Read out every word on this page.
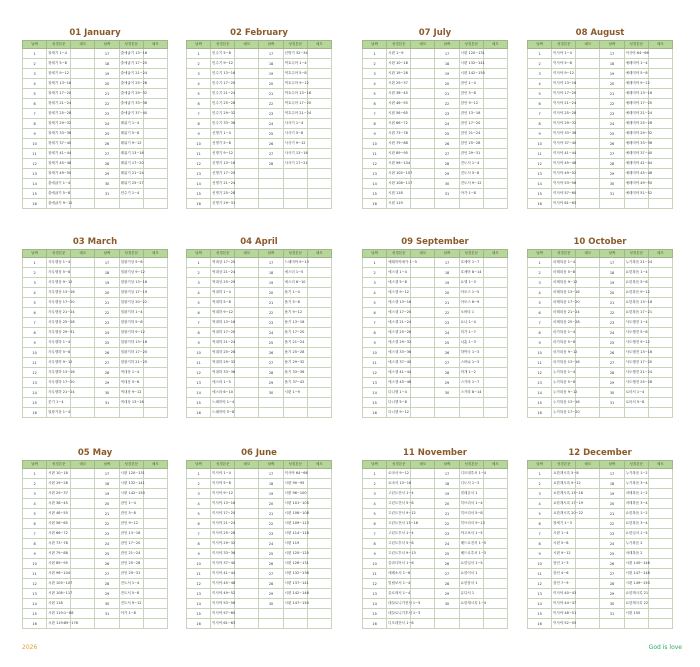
01 January
날짜	성경본문	메모	날짜	성경본문	메모
1	창세기 1~4		17	출애굽기 13~16	
2	창세기 5~8		18	출애굽기 17~20	
3	창세기 9~12		19	출애굽기 21~24	
4	창세기 13~16		20	출애굽기 25~28	
5	창세기 17~20		21	출애굽기 29~32	
6	창세기 21~24		22	출애굽기 33~36	
7	창세기 25~28		23	출애굽기 37~40	
8	창세기 29~32		24	레위기 1~4	
9	창세기 33~36		25	레위기 5~8	
10	창세기 37~40		26	레위기 9~12	
11	창세기 41~44		27	레위기 13~16	
12	창세기 45~48		28	레위기 17~20	
13	창세기 49~50		29	레위기 21~24	
14	출애굽기 1~4		30	레위기 25~27	
15	출애굽기 5~8		31	민수기 1~4	
16	출애굽기 9~12				
02 February
날짜	성경본문	메모	날짜	성경본문	메모
1	민수기 5~8		17	신명기 32~34	
2	민수기 9~12		18	여호수아 1~4	
3	민수기 13~16		19	여호수아 5~8	
4	민수기 17~20		20	여호수아 9~12	
5	민수기 21~24		21	여호수아 13~16	
6	민수기 25~28		22	여호수아 17~20	
7	민수기 29~32		23	여호수아 21~24	
8	민수기 33~36		24	사사기 1~4	
9	신명기 1~4		25	사사기 5~8	
10	신명기 5~8		26	사사기 9~12	
11	신명기 9~12		27	사사기 13~16	
12	신명기 13~16		28	사사기 17~21	
13	신명기 17~20				
14	신명기 21~24				
15	신명기 25~28				
16	신명기 29~31				
07 July
날짜	성경본문	메모	날짜	성경본문	메모
1	시편 1~9		17	시편 120~131	
2	시편 10~18		18	시편 132~141	
3	시편 19~28		19	시편 142~150	
4	시편 29~37		20	잠언 1~4	
5	시편 38~45		21	잠언 5~8	
6	시편 46~55		22	잠언 9~12	
7	시편 56~65		23	잠언 13~16	
8	시편 66~72		24	잠언 17~20	
9	시편 73~78		25	잠언 21~24	
10	시편 79~88		26	잠언 25~28	
11	시편 89~95		27	잠언 29~31	
12	시편 96~104		28	전도서 1~4	
13	시편 105~107		29	전도서 5~8	
14	시편 108~117		30	전도서 9~12	
15	시편 118		31	아가 1~8	
16	시편 119				
08 August
날짜	성경본문	메모	날짜	성경본문	메모
1	이사야 1~4		17	이사야 64~66	
2	이사야 5~8		18	예레미야 1~4	
3	이사야 9~12		19	예레미야 5~8	
4	이사야 13~16		20	예레미야 9~12	
5	이사야 17~20		21	예레미야 13~16	
6	이사야 21~24		22	예레미야 17~20	
7	이사야 25~28		23	예레미야 21~24	
8	이사야 29~32		24	예레미야 25~28	
9	이사야 33~36		25	예레미야 29~32	
10	이사야 37~40		26	예레미야 33~36	
11	이사야 41~44		27	예레미야 37~40	
12	이사야 45~48		28	예레미야 41~44	
13	이사야 49~52		29	예레미야 45~48	
14	이사야 53~56		30	예레미야 49~50	
15	이사야 57~60		31	예레미야 51~52	
16	이사야 61~63				
03 March
날짜	성경본문	메모	날짜	성경본문	메모
1	사무엘상 1~4		17	열왕기상 5~8	
2	사무엘상 5~8		18	열왕기상 9~12	
3	사무엘상 9~12		19	열왕기상 13~16	
4	사무엘상 13~16		20	열왕기상 17~19	
5	사무엘상 17~20		21	열왕기상 20~22	
6	사무엘상 21~24		22	열왕기하 1~4	
7	사무엘상 25~28		23	열왕기하 5~8	
8	사무엘상 29~31		24	열왕기하 9~12	
9	사무엘하 1~4		25	열왕기하 13~16	
10	사무엘하 5~8		26	열왕기하 17~20	
11	사무엘하 9~12		27	열왕기하 21~25	
12	사무엘하 13~16		28	역대상 1~4	
13	사무엘하 17~20		29	역대상 5~8	
14	사무엘하 21~24		30	역대상 9~12	
15	룻기 1~4		31	역대상 13~16	
16	열왕기상 1~4				
04 April
날짜	성경본문	메모	날짜	성경본문	메모
1	역대상 17~20		17	느헤미야 9~13	
2	역대상 21~24		18	에스더 1~5	
3	역대상 25~29		19	에스더 6~10	
4	역대하 1~4		20	욥기 1~4	
5	역대하 5~8		21	욥기 5~8	
6	역대하 9~12		22	욥기 9~12	
7	역대하 13~16		23	욥기 13~16	
8	역대하 17~20		24	욥기 17~20	
9	역대하 21~24		25	욥기 21~24	
10	역대하 25~28		26	욥기 25~28	
11	역대하 29~32		27	욥기 29~32	
12	역대하 33~36		28	욥기 33~36	
13	에스라 1~5		29	욥기 37~42	
14	에스라 6~10		30	시편 1~9	
15	느헤미야 1~4				
16	느헤미야 5~8				
09 September
날짜	성경본문	메모	날짜	성경본문	메모
1	예레미야애가 1~5		17	호세아 1~7	
2	에스겔 1~4		18	호세아 8~14	
3	에스겔 5~8		19	요엘 1~3	
4	에스겔 9~12		20	아모스 1~5	
5	에스겔 13~16		21	아모스 6~9	
6	에스겔 17~20		22	오바댜 1	
7	에스겔 21~24		23	요나 1~4	
8	에스겔 25~28		24	미가 1~7	
9	에스겔 29~32		25	나훔 1~3	
10	에스겔 33~36		26	하박국 1~3	
11	에스겔 37~40		27	스바냐 1~3	
12	에스겔 41~44		28	학개 1~2	
13	에스겔 45~48		29	스가랴 1~7	
14	다니엘 1~4		30	스가랴 8~14	
15	다니엘 5~8				
16	다니엘 9~12				
10 October
날짜	성경본문	메모	날짜	성경본문	메모
1	마태복음 1~4		17	누가복음 21~24	
2	마태복음 5~8		18	요한복음 1~4	
3	마태복음 9~12		19	요한복음 5~8	
4	마태복음 13~16		20	요한복음 9~12	
5	마태복음 17~20		21	요한복음 13~16	
6	마태복음 21~24		22	요한복음 17~21	
7	마태복음 25~28		23	사도행전 1~4	
8	마가복음 1~4		24	사도행전 5~8	
9	마가복음 5~8		25	사도행전 9~12	
10	마가복음 9~12		26	사도행전 13~16	
11	마가복음 13~16		27	사도행전 17~20	
12	누가복음 1~4		28	사도행전 21~24	
13	누가복음 5~8		29	사도행전 25~28	
14	누가복음 9~12		30	로마서 1~4	
15	누가복음 13~16		31	로마서 5~8	
16	누가복음 17~20				
05 May
날짜	성경본문	메모	날짜	성경본문	메모
1	시편 10~18		17	시편 120~131	
2	시편 19~28		18	시편 132~141	
3	시편 29~37		19	시편 142~150	
4	시편 38~45		20	잠언 1~4	
5	시편 46~55		21	잠언 5~8	
6	시편 56~65		22	잠언 9~12	
7	시편 66~72		23	잠언 13~16	
8	시편 73~78		24	잠언 17~20	
9	시편 79~88		25	잠언 21~24	
10	시편 89~95		26	잠언 25~28	
11	시편 96~104		27	잠언 29~31	
12	시편 105~107		28	전도서 1~4	
13	시편 108~117		29	전도서 5~8	
14	시편 118		30	전도서 9~12	
15	시편 119:1~88		31	아가 1~8	
16	시편 119:89~176				
06 June
날짜	성경본문	메모	날짜	성경본문	메모
1	이사야 1~4		17	이사야 64~66	
2	이사야 5~8		18	시편 90~95	
3	이사야 9~12		19	시편 96~100	
4	이사야 13~16		20	시편 101~105	
5	이사야 17~20		21	시편 106~108	
6	이사야 21~24		22	시편 109~113	
7	이사야 25~28		23	시편 114~118	
8	이사야 29~32		24	시편 119	
9	이사야 33~36		25	시편 120~125	
10	이사야 37~40		26	시편 126~131	
11	이사야 41~44		27	시편 132~136	
12	이사야 45~48		28	시편 137~141	
13	이사야 49~52		29	시편 142~146	
14	이사야 53~56		30	시편 147~150	
15	이사야 57~60				
16	이사야 61~63				
11 November
날짜	성경본문	메모	날짜	성경본문	메모
1	로마서 9~12		17	디모데후서 1~4	
2	로마서 13~16		18	디도서 1~3	
3	고린도전서 1~4		19	빌레몬서 1	
4	고린도전서 5~8		20	히브리서 1~4	
5	고린도전서 9~12		21	히브리서 5~8	
6	고린도전서 13~16		22	히브리서 9~13	
7	고린도후서 1~4		23	야고보서 1~5	
8	고린도후서 5~8		24	베드로전서 1~5	
9	고린도후서 9~13		25	베드로후서 1~3	
10	갈라디아서 1~6		26	요한일서 1~5	
11	에베소서 1~6		27	요한이서 1	
12	빌립보서 1~4		28	요한삼서 1	
13	골로새서 1~4		29	유다서 1	
14	데살로니가전서 1~5		30	요한계시록 1~4	
15	데살로니가후서 1~3				
16	디모데전서 1~6				
12 December
날짜	성경본문	메모	날짜	성경본문	메모
1	요한계시록 5~8		17	누가복음 1~2	
2	요한계시록 9~12		18	누가복음 3~4	
3	요한계시록 13~16		19	마태복음 1~2	
4	요한계시록 17~19		20	마태복음 3~4	
5	요한계시록 20~22		21	요한복음 1~2	
6	창세기 1~3		22	요한복음 3~4	
7	시편 1~4		23	요한일서 1~5	
8	시편 5~8		24	누가복음 2	
9	시편 9~12		25	마태복음 2	
10	잠언 1~3		26	시편 145~146	
11	잠언 4~6		27	시편 147~148	
12	잠언 7~9		28	시편 149~150	
13	이사야 40~43		29	요한계시록 21	
14	이사야 44~47		30	요한계시록 22	
15	이사야 48~51		31	시편 150	
16	이사야 52~55				
2026	God is love
